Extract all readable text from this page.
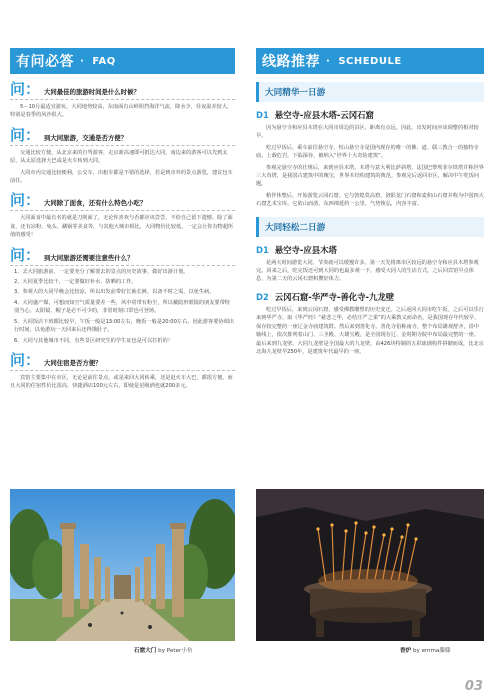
有问必答 · FAQ
问： 大同最佳的旅游时间是什么时候？

5－10月最适宜游玩。大同地势较高，东南面有山岭阻挡海洋气流，降水少，昼夜温差较大，特别是春季的风沙很大。

问： 到大同旅游，交通是否方便？

交通比较方便，从北京来的自驾游客，走京新高速即可抵达大同，南边来的游客可以先到太原，从太原选择大巴或是火车转到大同。

大同市内交通比较便利，公交车、出租车都是不错的选择，若是到市外的景点游览，建议包车前往。

问： 大同除了面食，还有什么特色小吃？

大同面食中最有名的就是刀削面了，无论你喜欢与否都应该尝尝，不给自己留下遗憾。除了面食，还有凉粉、兔头、涮锅等美食等，与其他大城市相比，大同物价比较低，一定会让你有物超所值的感受！

问： 到大同旅游还需要注意些什么？

1、去大同旅游前，一定要充分了解要去的景点的历史故事，做好出游计划。

2、大同夏季比较干，一定要做好补水、防晒的工作。

3、参观大的大同早晚会比较凉，所以出发前带好长袖长裤，以备不时之需，以免生病。

4、大同盛产煤，可想而知空气质量要差一些，风中常带有粉尘，所以戴隐形眼镜的朋友要带特别当心。太阳镜、帽子是必不可少的，非常时刻口罩也可登场。

5、大同饭店下班都比较早，午饭一般是13:00左右，晚饭一般是20:00左右，因此游客要协调出行时间，以免游玩一天回来后还得饿肚子。

6、大同与其他城市不同，有些景区研究生的学生证也是可以打折的！

问： 大同住宿是否方便？

宾馆主要集中在市区，无论是前往景点，或是来回大同转乘，还是赶火车大巴，都很方便。而且大同的住宿性价比很高，快捷酒店100元左右，即使是星级酒也就200多元。

石窟大门 by Peter小鱼
线路推荐 · SCHEDULE
大同精华一日游
D1 悬空寺-应县木塔-云冈石窟

因为悬空寺和应县木塔在大同市周边的县区，距离有点远。因此，出发时间应该调整的相对较早。

吃过早饭后，乘车前往悬空寺，恒山悬空寺是国内现存的唯一的佛、道、儒三教合一的独特寺庙。上载危岩，下临深谷，被纳入“世界十大奇险建筑”。

参观完悬空寺的仕规后，来到应县木塔。木塔与意大利比萨斜塔，法国巴黎埃菲尔铁塔并称世界三大奇塔，是我国古建筑中的瑰宝，世界木结构建筑的典范。参观完后返回市区，解决中午吃饭问题。

稍作休整后，开始游览云冈石窟。它与敦煌莫高窟、洛阳龙门石窟和麦积山石窟并称为中国四大石窟艺术宝库。它依山而凿，东西绵延约一公里，气势恢弘，内容丰富。

大同轻松二日游
D1 悬空寺-应县木塔

花两天时间游览大同，节奏就可以缓慢许多。第一天先将离市区较远的悬空寺和应县木塔参观完。回来之后，吃完饭还可到大同的也最多观一下，感受大同人的生活方式。之后回宾馆早点休息，为第二天的云冈石窟积攒好体力。

D2 云冈石窟-华严寺-善化寺-九龙壁

吃过早饭后，来到云冈石窟，感受佛教雕塑的历史变迁。之后返回大同市吃午饭。之后可以乐行来到华严寺。取《华严经》“慈悲之华，必结庄严之果”的大乘教义而命名，是我国现存年代较早、保存较完整的一座辽金寺庙建筑群。然后来到善化寺。善化寺俗称南寺，整个布局雄观舒齐，沿中轴线上，依次排列着山门、三圣殿、大雄宝殿，是全国现存辽、金时期寺院中布局最完整的一座。最后来到九龙壁。大同九龙壁是全国最大的九龙壁，由426块特制的五彩琉璃构件拼砌而成，比北京北海九龙壁早250年，是建筑年代最早的一座。

香炉 by emma滕滕
03
